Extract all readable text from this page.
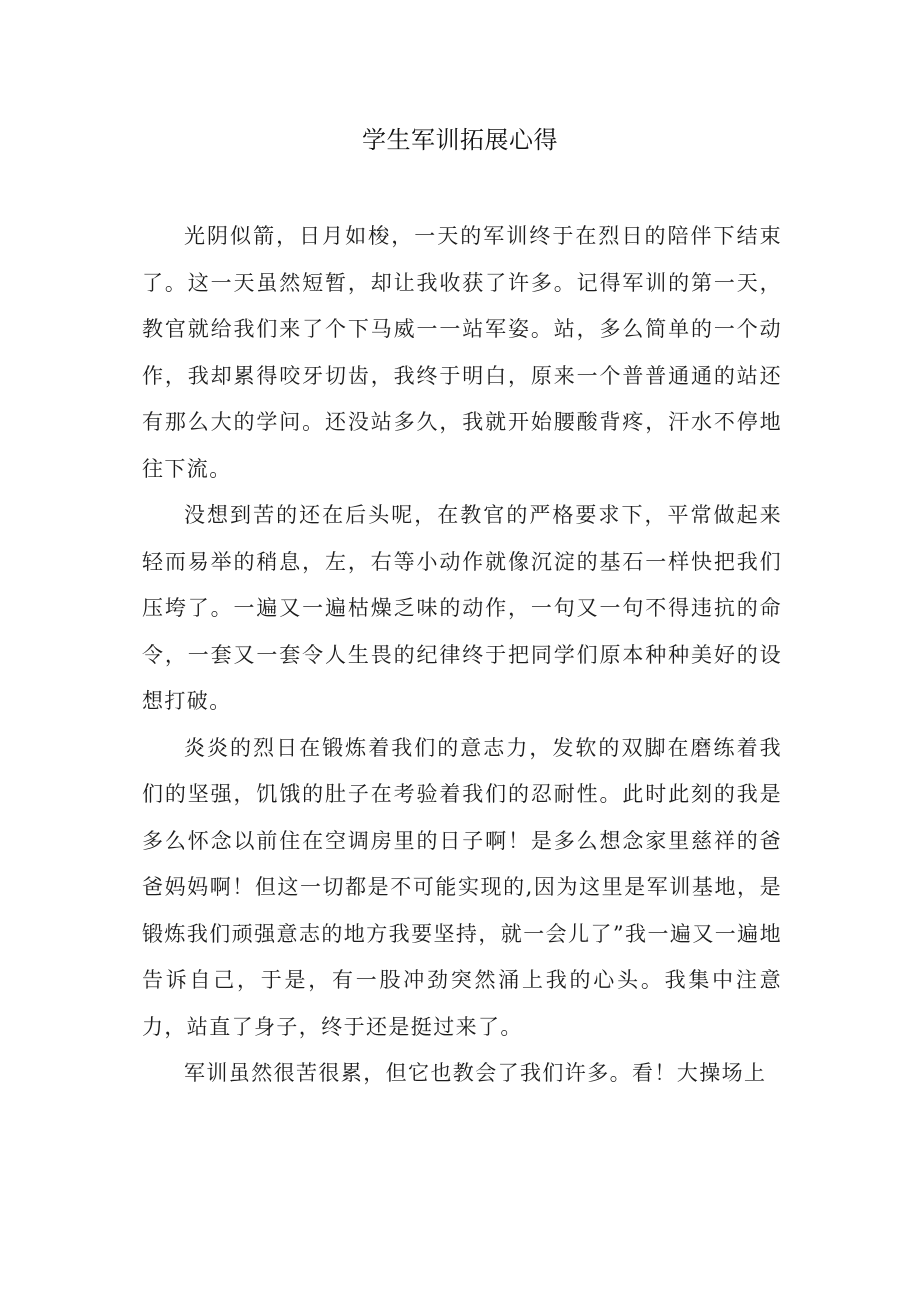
学生军训拓展心得

光阴似箭，日月如梭，一天的军训终于在烈日的陪伴下结束了。这一天虽然短暂，却让我收获了许多。记得军训的第一天，教官就给我们来了个下马威一一站军姿。站，多么简单的一个动作，我却累得咬牙切齿，我终于明白，原来一个普普通通的站还有那么大的学问。还没站多久，我就开始腰酸背疼，汗水不停地往下流。

没想到苦的还在后头呢，在教官的严格要求下，平常做起来轻而易举的稍息，左，右等小动作就像沉淀的基石一样快把我们压垮了。一遍又一遍枯燥乏味的动作，一句又一句不得违抗的命令，一套又一套令人生畏的纪律终于把同学们原本种种美好的设想打破。

炎炎的烈日在锻炼着我们的意志力，发软的双脚在磨练着我们的坚强，饥饿的肚子在考验着我们的忍耐性。此时此刻的我是多么怀念以前住在空调房里的日子啊！是多么想念家里慈祥的爸爸妈妈啊！但这一切都是不可能实现的,因为这里是军训基地，是锻炼我们顽强意志的地方我要坚持，就一会儿了”我一遍又一遍地告诉自己，于是，有一股冲劲突然涌上我的心头。我集中注意力，站直了身子，终于还是挺过来了。

军训虽然很苦很累，但它也教会了我们许多。看！大操场上
